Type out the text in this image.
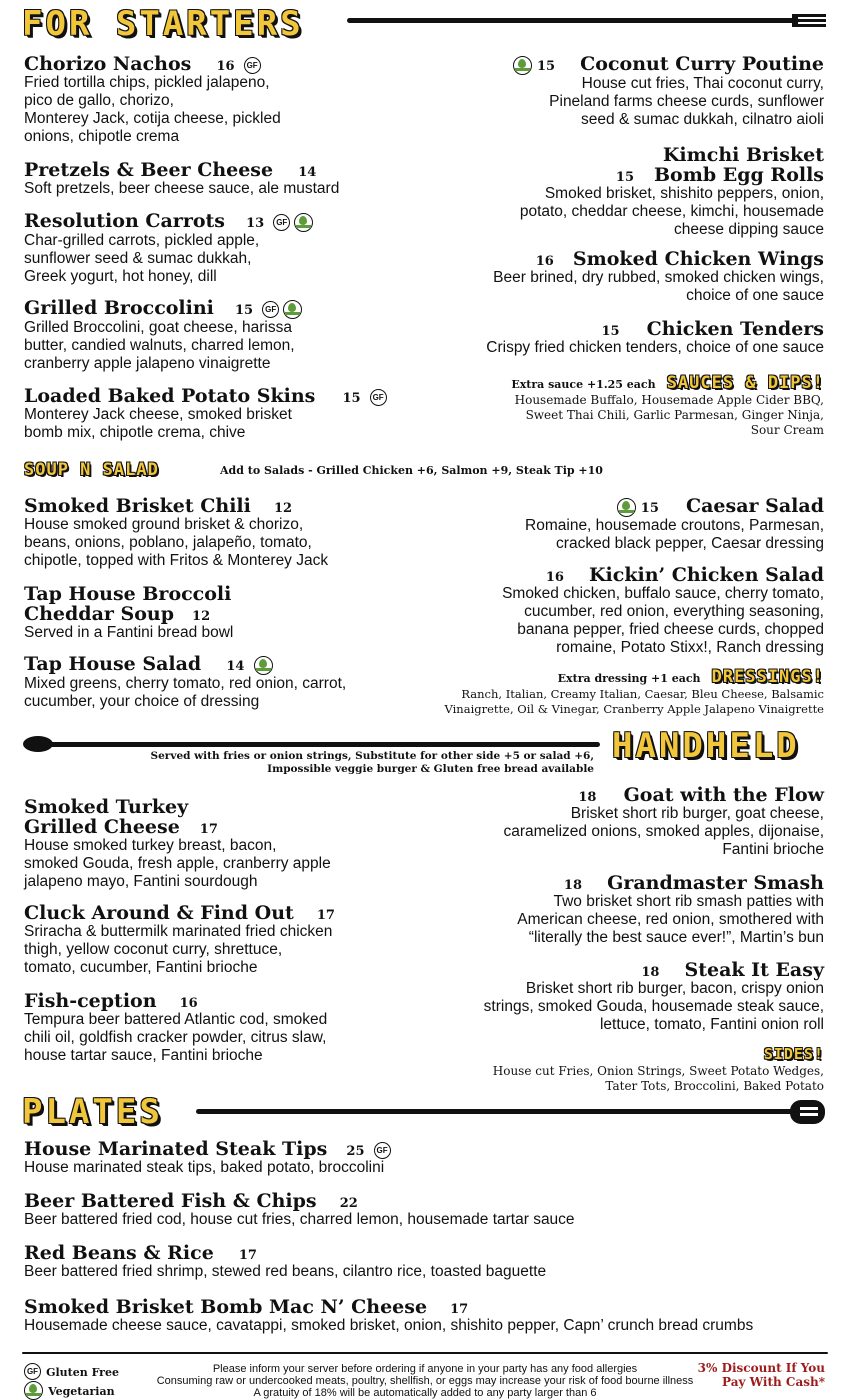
FOR STARTERS
Chorizo Nachos 16 GF
Fried tortilla chips, pickled jalapeno,
pico de gallo, chorizo,
Monterey Jack, cotija cheese, pickled
onions, chipotle crema
Pretzels & Beer Cheese 14
Soft pretzels, beer cheese sauce, ale mustard
Resolution Carrots 13 GF
Char-grilled carrots, pickled apple,
sunflower seed & sumac dukkah,
Greek yogurt, hot honey, dill
Grilled Broccolini 15 GF
Grilled Broccolini, goat cheese, harissa
butter, candied walnuts, charred lemon,
cranberry apple jalapeno vinaigrette
Loaded Baked Potato Skins 15 GF
Monterey Jack cheese, smoked brisket
bomb mix, chipotle crema, chive
15 Coconut Curry Poutine
House cut fries, Thai coconut curry,
Pineland farms cheese curds, sunflower
seed & sumac dukkah, cilnatro aioli
Kimchi Brisket
15 Bomb Egg Rolls
Smoked brisket, shishito peppers, onion,
potato, cheddar cheese, kimchi, housemade
cheese dipping sauce
16 Smoked Chicken Wings
Beer brined, dry rubbed, smoked chicken wings,
choice of one sauce
15 Chicken Tenders
Crispy fried chicken tenders, choice of one sauce
Extra sauce +1.25 each SAUCES & DIPS!
Housemade Buffalo, Housemade Apple Cider BBQ,
Sweet Thai Chili, Garlic Parmesan, Ginger Ninja,
Sour Cream
SOUP N SALAD	Add to Salads - Grilled Chicken +6, Salmon +9, Steak Tip +10
Smoked Brisket Chili 12
House smoked ground brisket & chorizo,
beans, onions, poblano, jalapeño, tomato,
chipotle, topped with Fritos & Monterey Jack
Tap House Broccoli
Cheddar Soup 12
Served in a Fantini bread bowl
Tap House Salad 14
Mixed greens, cherry tomato, red onion, carrot,
cucumber, your choice of dressing
15 Caesar Salad
Romaine, housemade croutons, Parmesan,
cracked black pepper, Caesar dressing
16 Kickin’ Chicken Salad
Smoked chicken, buffalo sauce, cherry tomato,
cucumber, red onion, everything seasoning,
banana pepper, fried cheese curds, chopped
romaine, Potato Stixx!, Ranch dressing
Extra dressing +1 each DRESSINGS!
Ranch, Italian, Creamy Italian, Caesar, Bleu Cheese, Balsamic
Vinaigrette, Oil & Vinegar, Cranberry Apple Jalapeno Vinaigrette
Served with fries or onion strings, Substitute for other side +5 or salad +6,
Impossible veggie burger & Gluten free bread available
HANDHELD
Smoked Turkey
Grilled Cheese 17
House smoked turkey breast, bacon,
smoked Gouda, fresh apple, cranberry apple
jalapeno mayo, Fantini sourdough
Cluck Around & Find Out 17
Sriracha & buttermilk marinated fried chicken
thigh, yellow coconut curry, shrettuce,
tomato, cucumber, Fantini brioche
Fish-ception 16
Tempura beer battered Atlantic cod, smoked
chili oil, goldfish cracker powder, citrus slaw,
house tartar sauce, Fantini brioche
18 Goat with the Flow
Brisket short rib burger, goat cheese,
caramelized onions, smoked apples, dijonaise,
Fantini brioche
18 Grandmaster Smash
Two brisket short rib smash patties with
American cheese, red onion, smothered with
“literally the best sauce ever!”, Martin’s bun
18 Steak It Easy
Brisket short rib burger, bacon, crispy onion
strings, smoked Gouda, housemade steak sauce,
lettuce, tomato, Fantini onion roll
SIDES!
House cut Fries, Onion Strings, Sweet Potato Wedges,
Tater Tots, Broccolini, Baked Potato
PLATES
House Marinated Steak Tips 25 GF
House marinated steak tips, baked potato, broccolini
Beer Battered Fish & Chips 22
Beer battered fried cod, house cut fries, charred lemon, housemade tartar sauce
Red Beans & Rice 17
Beer battered fried shrimp, stewed red beans, cilantro rice, toasted baguette
Smoked Brisket Bomb Mac N’ Cheese 17
Housemade cheese sauce, cavatappi, smoked brisket, onion, shishito pepper, Capn’ crunch bread crumbs
GF Gluten Free
Vegetarian
Please inform your server before ordering if anyone in your party has any food allergies
Consuming raw or undercooked meats, poultry, shellfish, or eggs may increase your risk of food bourne illness
A gratuity of 18% will be automatically added to any party larger than 6
3% Discount If You
Pay With Cash*
